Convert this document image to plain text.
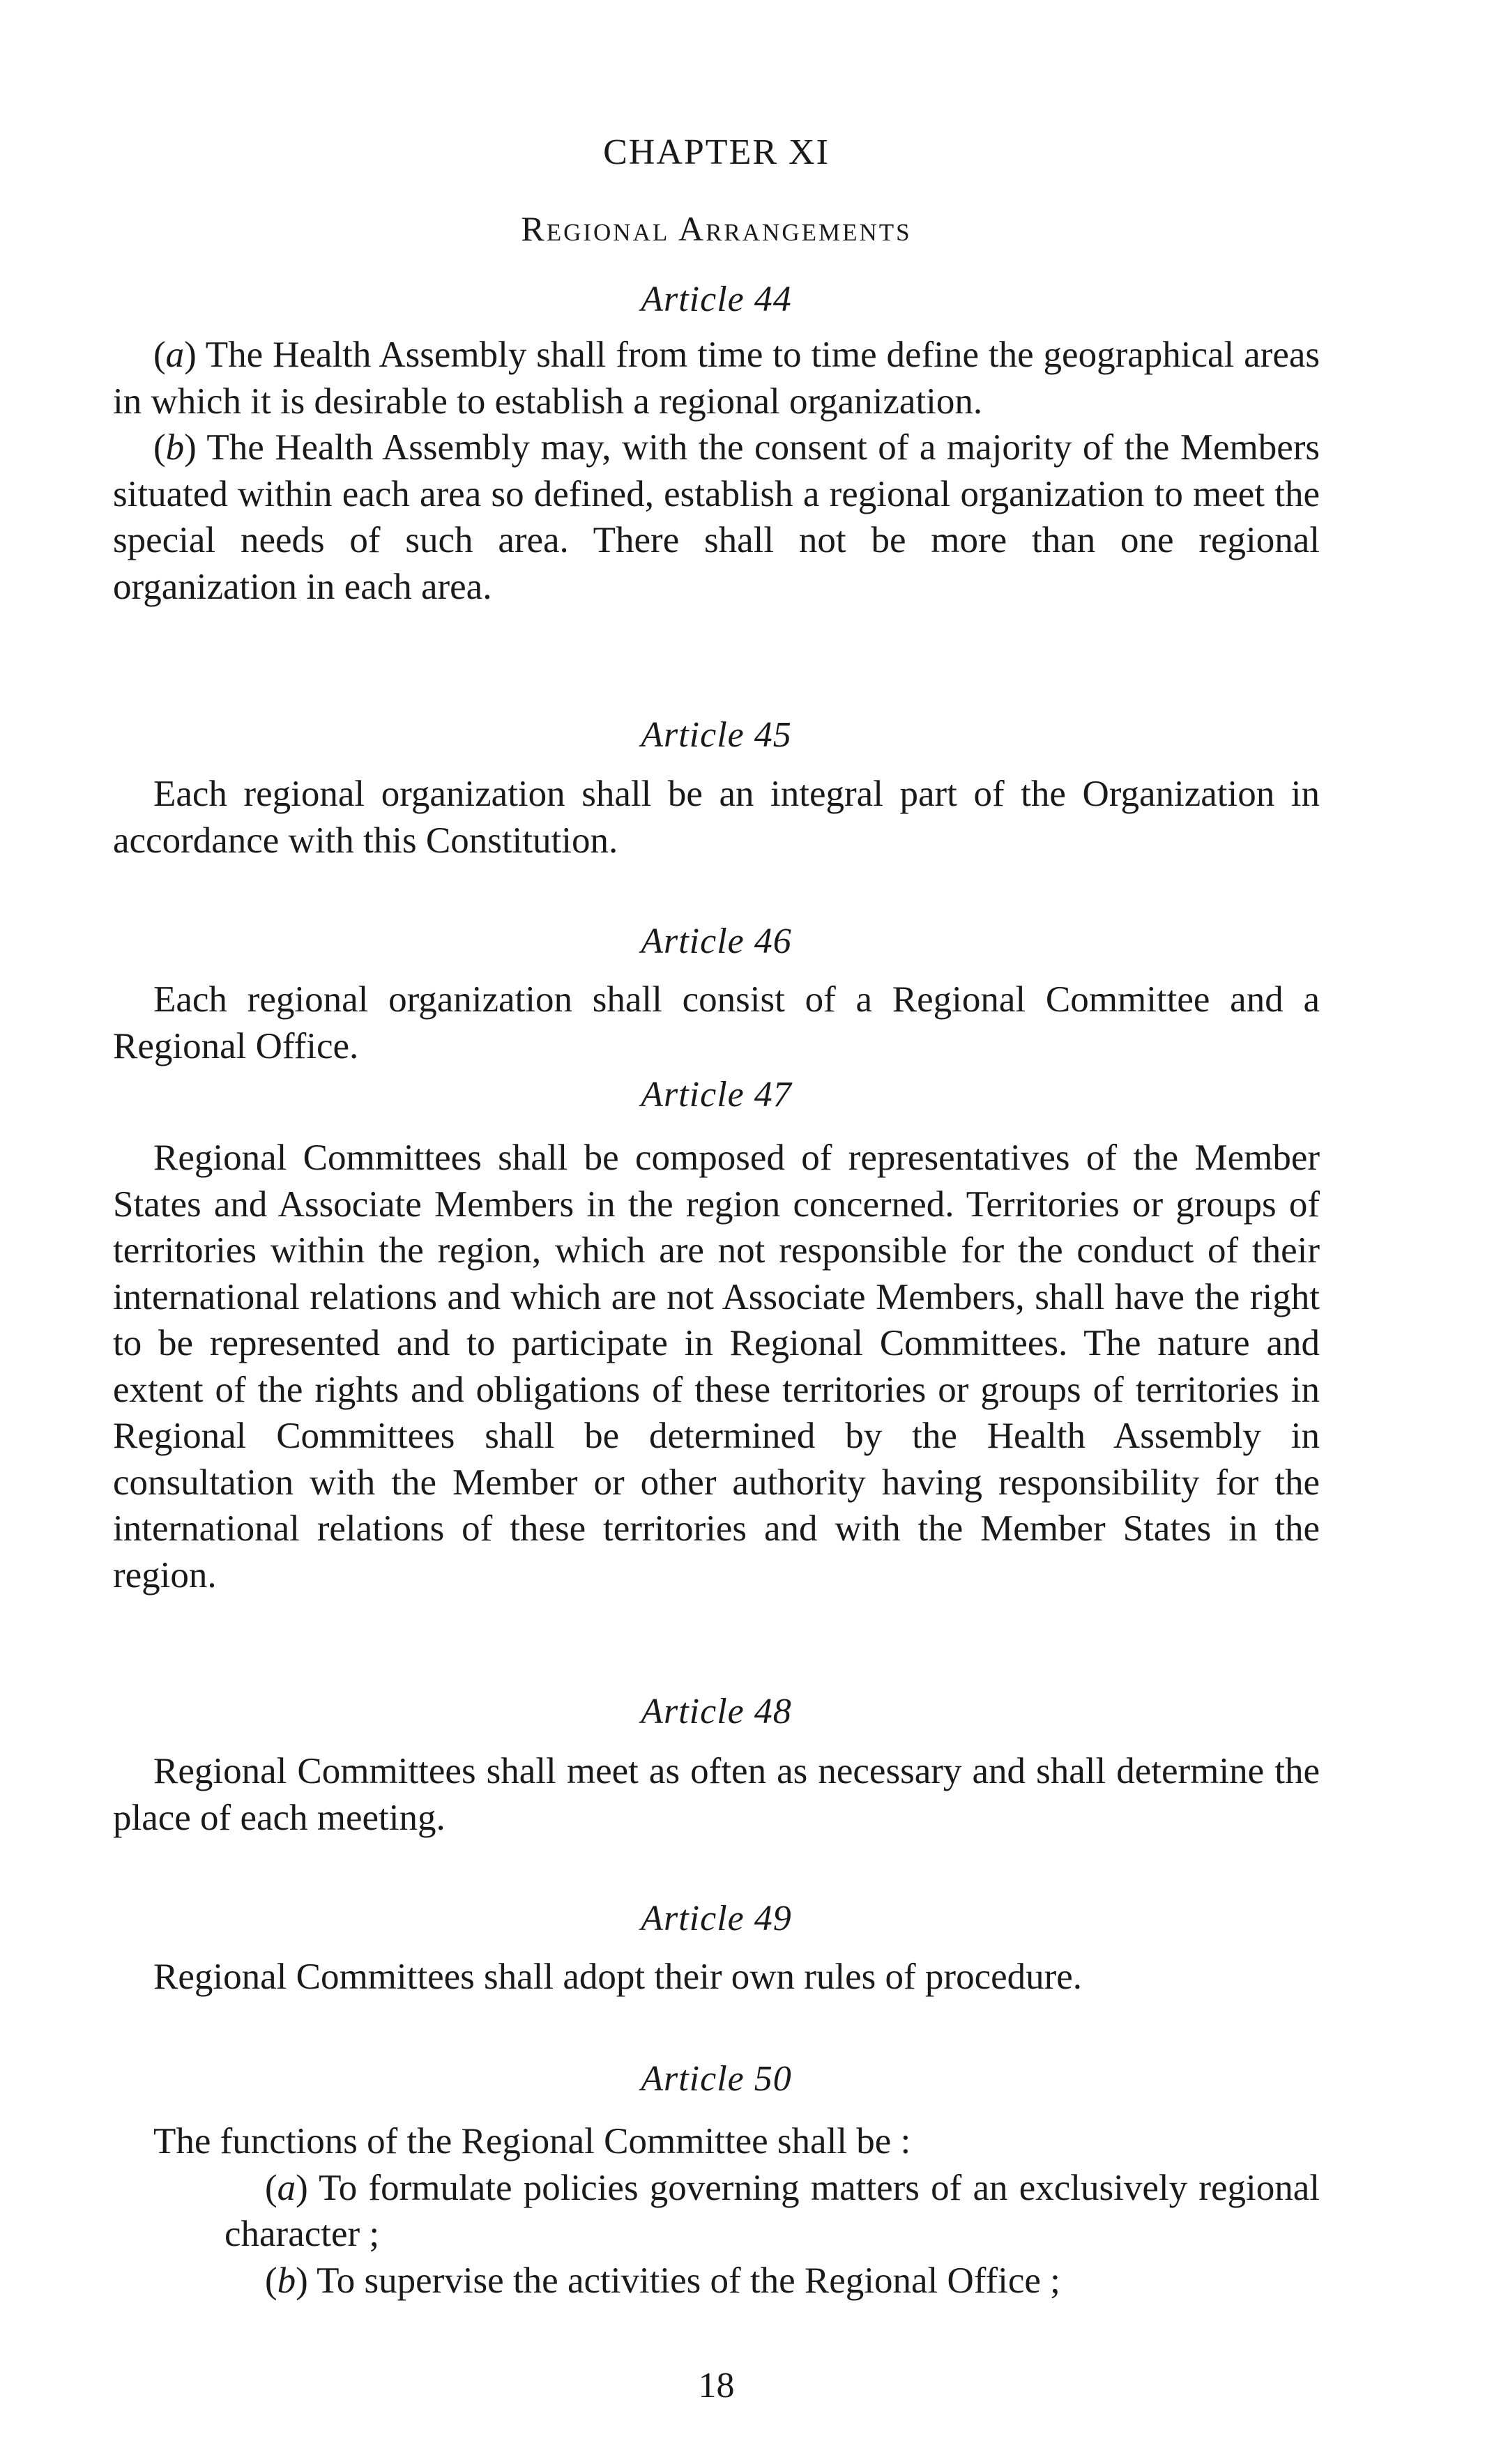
CHAPTER XI
Regional Arrangements
Article 44

(a) The Health Assembly shall from time to time define the geographical areas in which it is desirable to establish a regional organization.

(b) The Health Assembly may, with the consent of a majority of the Members situated within each area so defined, establish a regional organization to meet the special needs of such area. There shall not be more than one regional organization in each area.

Article 45

Each regional organization shall be an integral part of the Organization in accordance with this Constitution.

Article 46

Each regional organization shall consist of a Regional Committee and a Regional Office.

Article 47

Regional Committees shall be composed of representatives of the Member States and Associate Members in the region concerned. Territories or groups of territories within the region, which are not responsible for the conduct of their international relations and which are not Associate Members, shall have the right to be represented and to participate in Regional Committees. The nature and extent of the rights and obligations of these territories or groups of territories in Regional Committees shall be determined by the Health Assembly in consultation with the Member or other authority having responsibility for the international relations of these territories and with the Member States in the region.

Article 48

Regional Committees shall meet as often as necessary and shall determine the place of each meeting.

Article 49

Regional Committees shall adopt their own rules of procedure.

Article 50

The functions of the Regional Committee shall be :

(a) To formulate policies governing matters of an exclusively regional character ;

(b) To supervise the activities of the Regional Office ;

18
